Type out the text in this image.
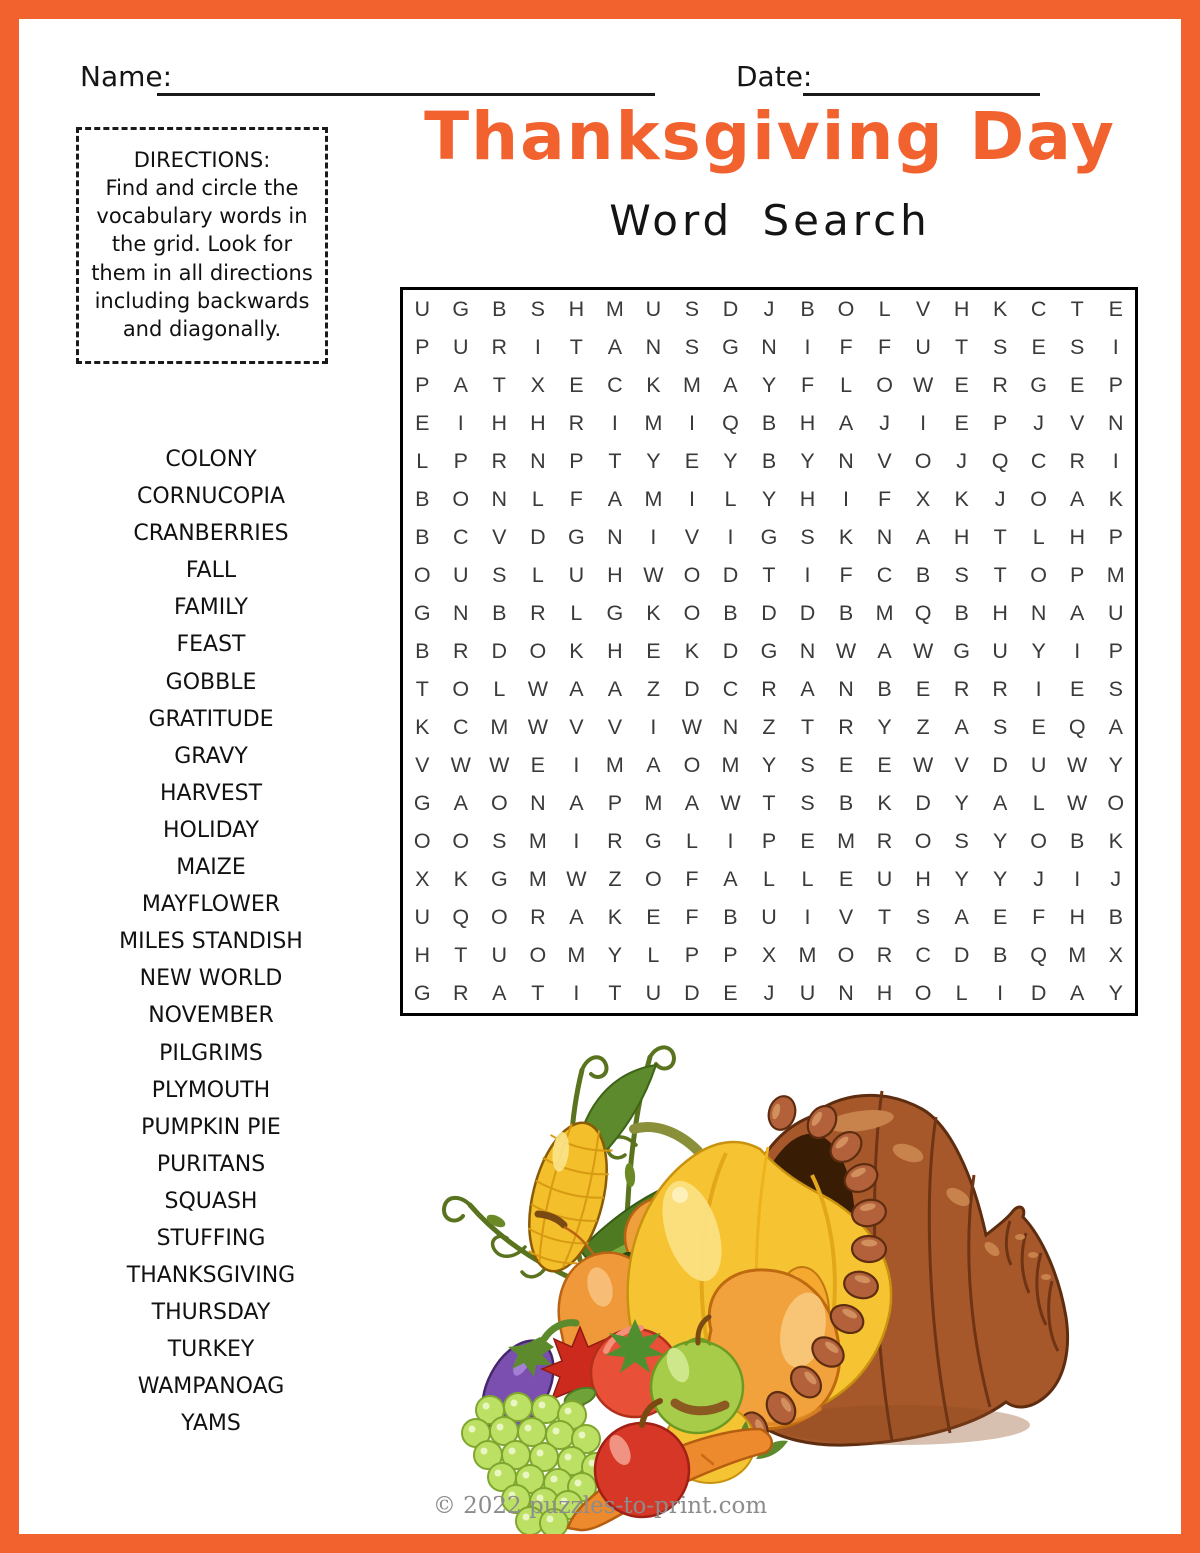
Name:	Date:
Thanksgiving Day
Word Search
DIRECTIONS:
Find and circle the vocabulary words in the grid. Look for them in all directions including backwards and diagonally.
COLONY
CORNUCOPIA
CRANBERRIES
FALL
FAMILY
FEAST
GOBBLE
GRATITUDE
GRAVY
HARVEST
HOLIDAY
MAIZE
MAYFLOWER
MILES STANDISH
NEW WORLD
NOVEMBER
PILGRIMS
PLYMOUTH
PUMPKIN PIE
PURITANS
SQUASH
STUFFING
THANKSGIVING
THURSDAY
TURKEY
WAMPANOAG
YAMS
U	G	B	S	H	M	U	S	D	J	B	O	L	V	H	K	C	T	E
P	U	R	I	T	A	N	S	G	N	I	F	F	U	T	S	E	S	I
P	A	T	X	E	C	K	M	A	Y	F	L	O W E	R	G	E	P
E	I	H	H	R	I	M	I	Q	B	H	A	J	I	E	P	J	V	N
L	P	R	N	P	T	Y	E	Y	B	Y	N	V	O	J	Q	C	R	I
B	O	N	L	F	A	M	I	L	Y	H	I	F	X	K	J	O	A	K
B	C	V	D	G	N	I	V	I	G	S	K	N	A	H	T	L	H	P
O	U	S	L	U	H W O	D	T	I	F	C	B	S	T	O	P	M
G	N	B	R	L	G	K	O	B	D	D	B	M Q	B	H	N	A	U
B	R	D	O	K	H	E	K	D	G	N W A W G	U	Y	I	P
T	O	L	W A	A	Z	D	C	R	A	N	B	E	R	R	I	E	S
K	C	M W V	V	I	W N	Z	T	R	Y	Z	A	S	E	Q	A
V W W E	I	M	A	O M	Y	S	E	E W V	D	U W Y
G	A	O	N	A	P	M	A W	T	S	B	K	D	Y	A	L	W O
O	O	S	M	I	R	G	L	I	P	E	M	R	O	S	Y	O	B	K
X	K	G M W	Z	O	F	A	L	L	E	U	H	Y	Y	J	I	J
U	Q	O	R	A	K	E	F	B	U	I	V	T	S	A	E	F	H	B
H	T	U	O M	Y	L	P	P	X	M O	R	C	D	B	Q M	X
G	R	A	T	I	T	U	D	E	J	U	N	H	O	L	I	D	A	Y
© 2022 puzzles-to-print.com
